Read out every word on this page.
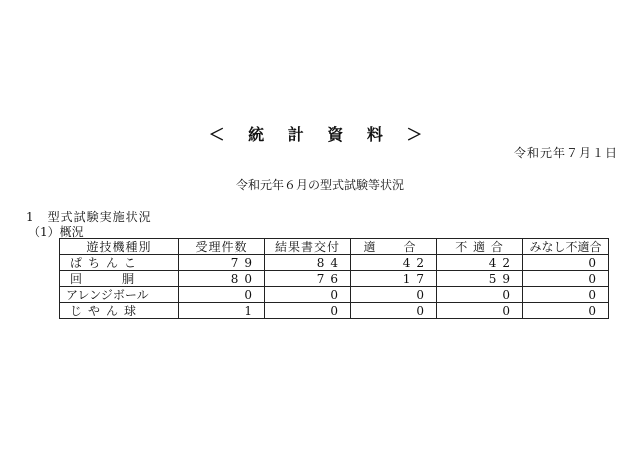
＜ 統 計 資 料 ＞
令和元年７月１日
令和元年６月の型式試験等状況
1　型式試験実施状況
（1）概況
遊技機種別	受理件数	結果書交付	適　合	不 適 合	みなし不適合
ぱちんこ	79	84	42	42	0
回胴	80	76	17	59	0
アレンジボール	0	0	0	0	0
じやん球	1	0	0	0	0
